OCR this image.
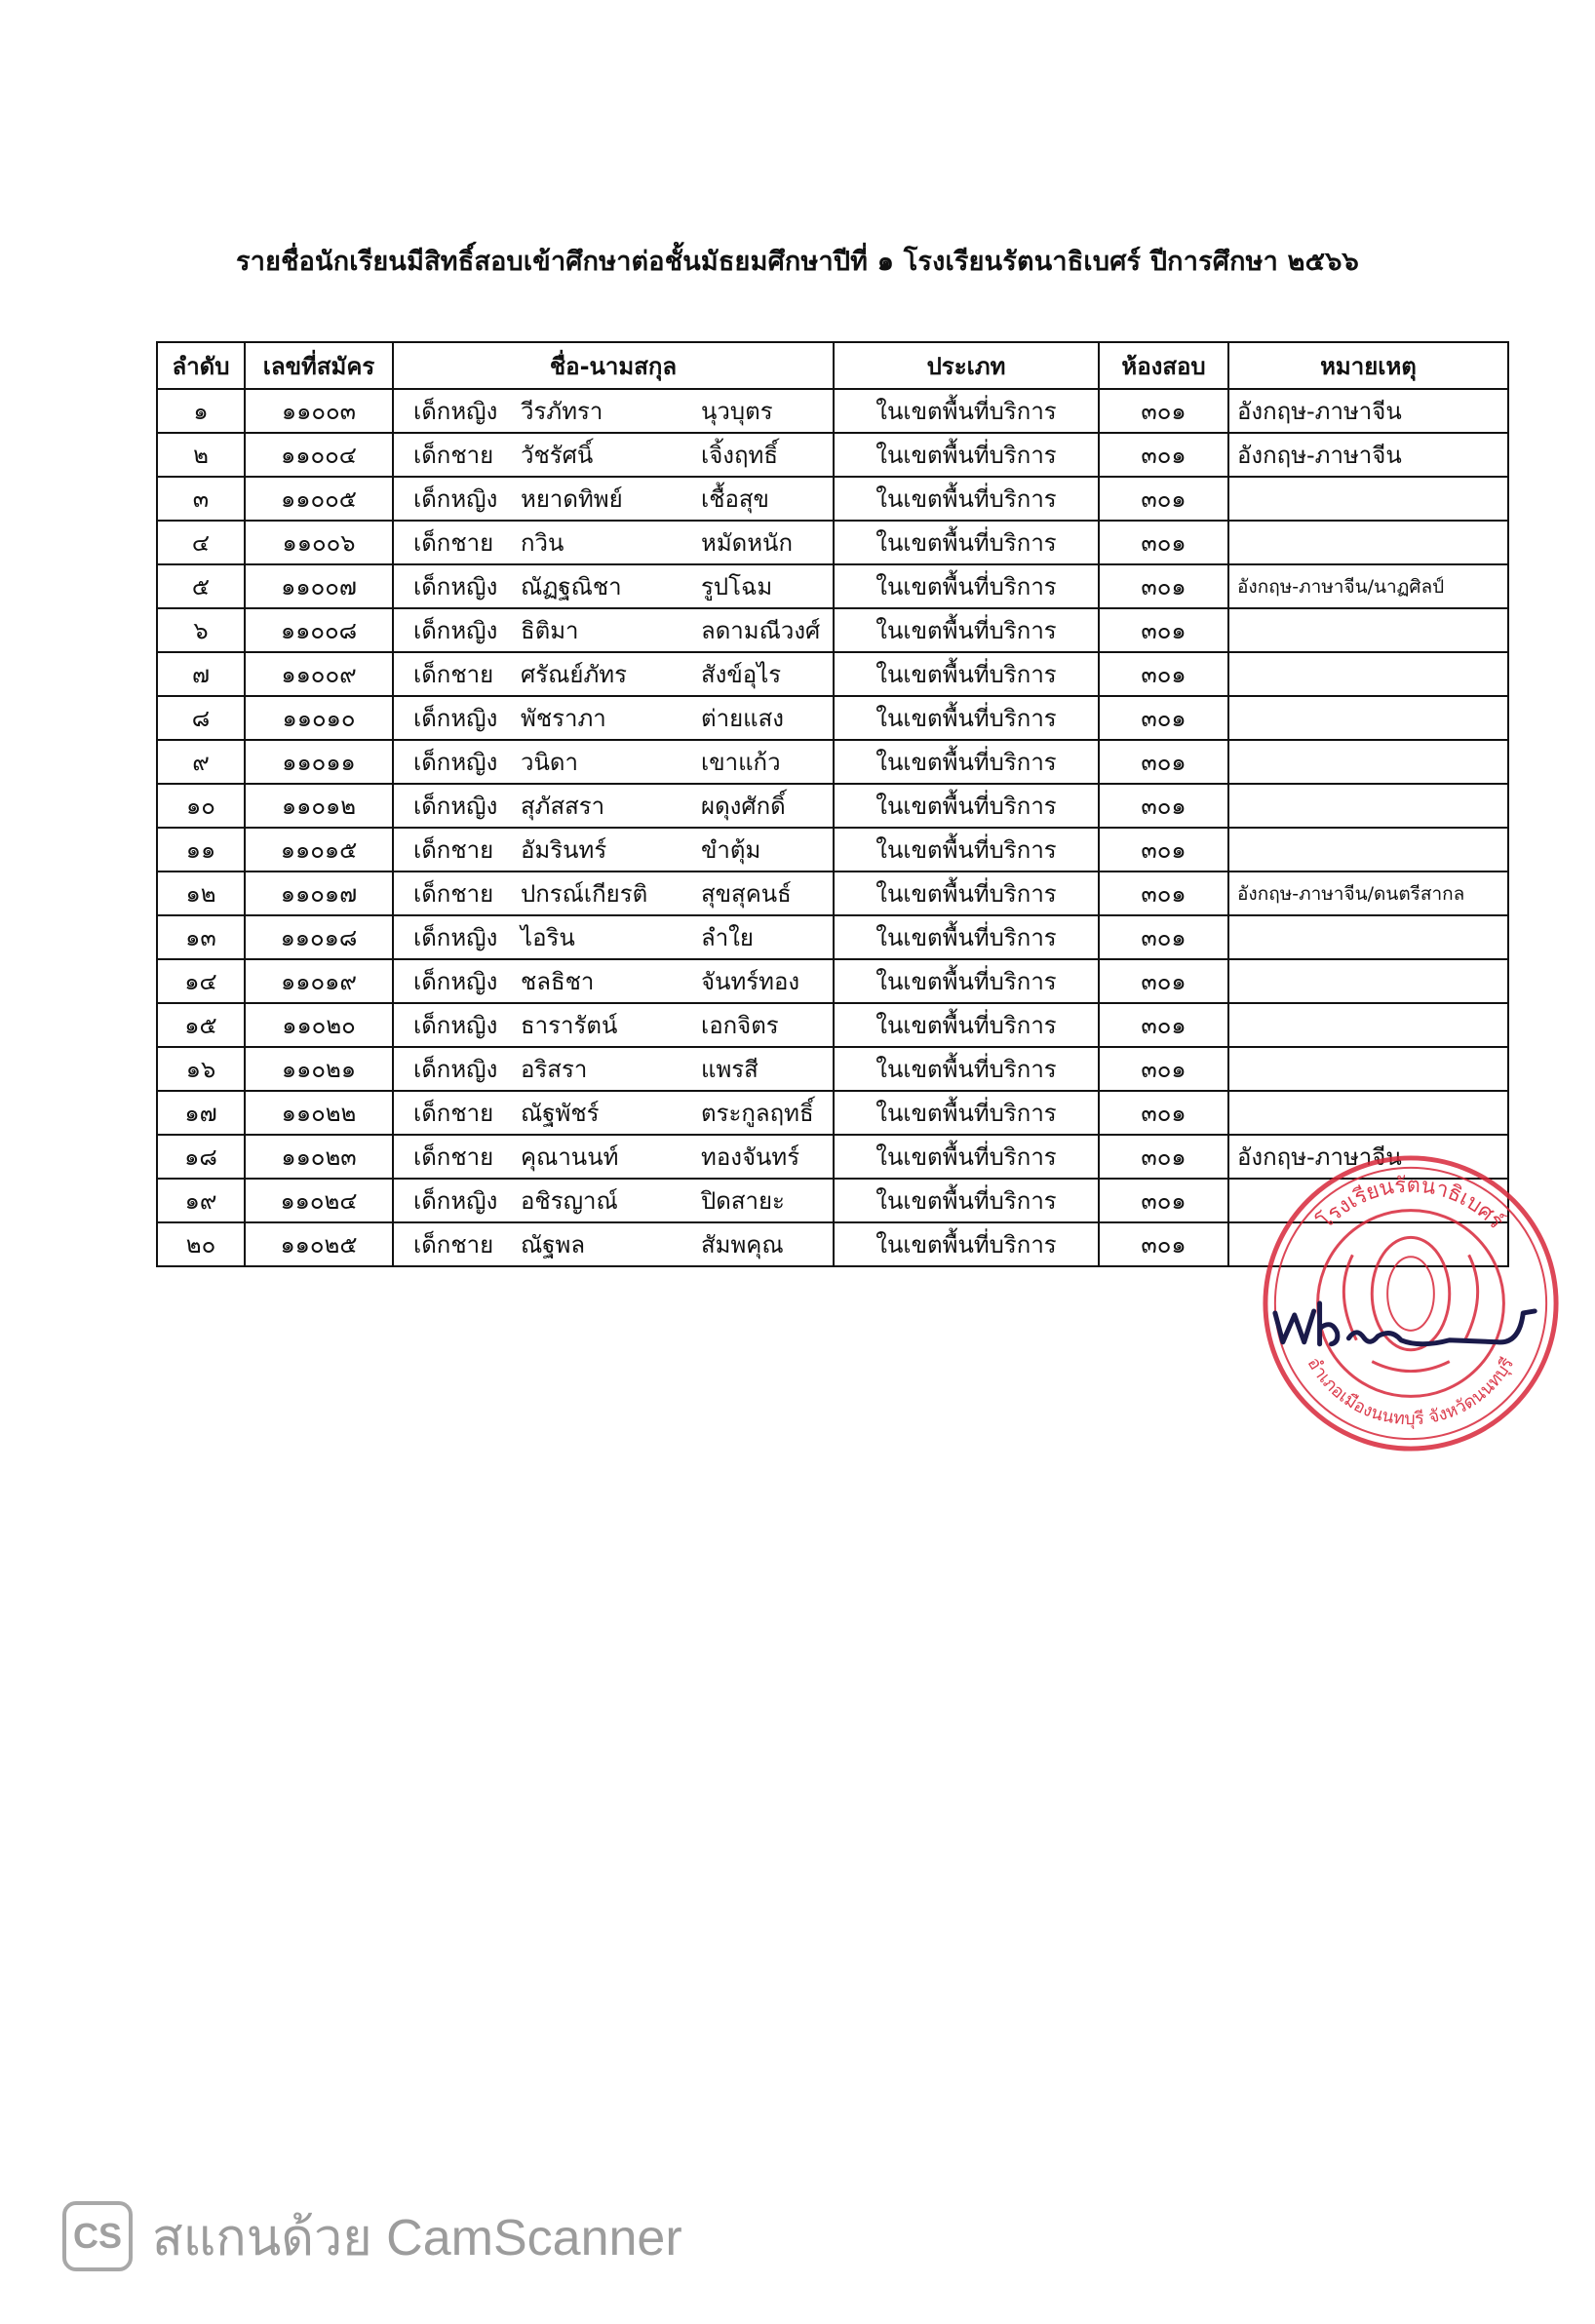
รายชื่อนักเรียนมีสิทธิ์สอบเข้าศึกษาต่อชั้นมัธยมศึกษาปีที่ ๑ โรงเรียนรัตนาธิเบศร์ ปีการศึกษา ๒๕๖๖
ลำดับ	เลขที่สมัคร	ชื่อ-นามสกุล	ประเภท	ห้องสอบ	หมายเหตุ
๑	๑๑๐๐๓	เด็กหญิง วีรภัทรา นุวบุตร	ในเขตพื้นที่บริการ	๓๐๑	อังกฤษ-ภาษาจีน
๒	๑๑๐๐๔	เด็กชาย วัชรัศนิ์ เจิ้งฤทธิ์	ในเขตพื้นที่บริการ	๓๐๑	อังกฤษ-ภาษาจีน
๓	๑๑๐๐๕	เด็กหญิง หยาดทิพย์ เชื้อสุข	ในเขตพื้นที่บริการ	๓๐๑	
๔	๑๑๐๐๖	เด็กชาย กวิน หมัดหนัก	ในเขตพื้นที่บริการ	๓๐๑	
๕	๑๑๐๐๗	เด็กหญิง ณัฏฐณิชา รูปโฉม	ในเขตพื้นที่บริการ	๓๐๑	อังกฤษ-ภาษาจีน/นาฏศิลป์
๖	๑๑๐๐๘	เด็กหญิง ธิติมา ลดามณีวงศ์	ในเขตพื้นที่บริการ	๓๐๑	
๗	๑๑๐๐๙	เด็กชาย ศรัณย์ภัทร สังข์อุไร	ในเขตพื้นที่บริการ	๓๐๑	
๘	๑๑๐๑๐	เด็กหญิง พัชราภา ต่ายแสง	ในเขตพื้นที่บริการ	๓๐๑	
๙	๑๑๐๑๑	เด็กหญิง วนิดา เขาแก้ว	ในเขตพื้นที่บริการ	๓๐๑	
๑๐	๑๑๐๑๒	เด็กหญิง สุภัสสรา ผดุงศักดิ์	ในเขตพื้นที่บริการ	๓๐๑	
๑๑	๑๑๐๑๕	เด็กชาย อัมรินทร์ ขำตุ้ม	ในเขตพื้นที่บริการ	๓๐๑	
๑๒	๑๑๐๑๗	เด็กชาย ปกรณ์เกียรติ สุขสุคนธ์	ในเขตพื้นที่บริการ	๓๐๑	อังกฤษ-ภาษาจีน/ดนตรีสากล
๑๓	๑๑๐๑๘	เด็กหญิง ไอริน ลำใย	ในเขตพื้นที่บริการ	๓๐๑	
๑๔	๑๑๐๑๙	เด็กหญิง ชลธิชา จันทร์ทอง	ในเขตพื้นที่บริการ	๓๐๑	
๑๕	๑๑๐๒๐	เด็กหญิง ธารารัตน์ เอกจิตร	ในเขตพื้นที่บริการ	๓๐๑	
๑๖	๑๑๐๒๑	เด็กหญิง อริสรา แพรสี	ในเขตพื้นที่บริการ	๓๐๑	
๑๗	๑๑๐๒๒	เด็กชาย ณัฐพัชร์ ตระกูลฤทธิ์	ในเขตพื้นที่บริการ	๓๐๑	
๑๘	๑๑๐๒๓	เด็กชาย คุณานนท์ ทองจันทร์	ในเขตพื้นที่บริการ	๓๐๑	อังกฤษ-ภาษาจีน
๑๙	๑๑๐๒๔	เด็กหญิง อชิรญาณ์ ปิดสายะ	ในเขตพื้นที่บริการ	๓๐๑	
๒๐	๑๑๐๒๕	เด็กชาย ณัฐพล สัมพคุณ	ในเขตพื้นที่บริการ	๓๐๑	
โรงเรียนรัตนาธิเบศร์
อำเภอเมืองนนทบุรี จังหวัดนนทบุรี
CS สแกนด้วย CamScanner
